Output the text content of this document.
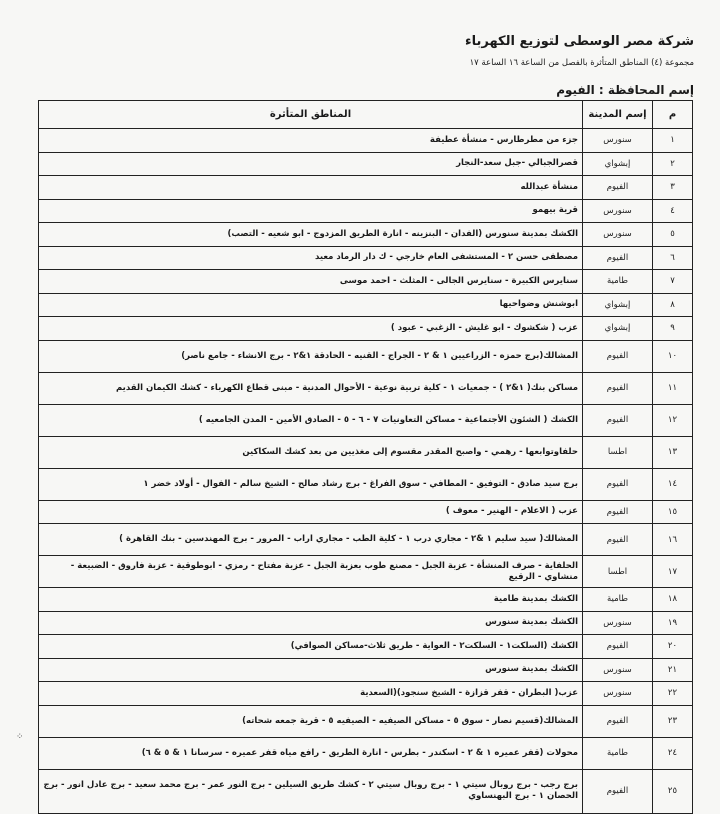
شركة مصر الوسطى لتوزيع الكهرباء
مجموعة (٤) المناطق المتأثرة بالفصل من الساعة ١٦ الساعة ١٧
إسم المحافظة : الفيوم
م	إسم المدينة	المناطق المتأثرة
١	سنورس	جزء من مطرطارس - منشأة عطيفة
٢	إبشواي	قصرالجبالي -جبل سعد-النجار
٣	الفيوم	منشأة عبدالله
٤	سنورس	قرية بيهمو
٥	سنورس	الكشك بمدينة سنورس (الفدان - البنزينه - انارة الطريق المزدوج - ابو شعيه - التصب)
٦	الفيوم	مصطفى حسن ٢ - المستشفى العام خارجي - ك دار الرماد معيد
٧	طامية	سنايرس الكبيرة - سنايرس الجالى - المثلث - احمد موسى
٨	إبشواي	ابوشنش وضواحيها
٩	إبشواي	عزب ( شكشوك - ابو غليش - الزغبي - عبود )
١٠	الفيوم	المشالك(برج حمزه - الزراعيين ١ & ٢ - الجراج - القنيه - الحادقة ١&٢ - برج الانشاء - جامع ناصر)
١١	الفيوم	مساكن بنك( ١&٢ ) - جمعيات ١ - كلية تربية نوعية - الأحوال المدنية - مبنى قطاع الكهرباء - كشك الكيمان القديم
١٢	الفيوم	الكشك ( الشئون الأجتماعية - مساكن التعاونيات ٧ - ٦ - ٥ - الصادق الأمين - المدن الجامعيه )
١٣	اطسا	حلفاوتوابعها - رهمي - واصبح المقدر مقسوم إلى مغذيين من بعد كشك السكاكين
١٤	الفيوم	برج سيد صادق - التوفيق - المطافي - سوق الفراغ - برج رشاد صالح - الشيخ سالم - الفوال - أولاد خضر ١
١٥	الفيوم	عزب ( الاعلام - الهنير - معوف )
١٦	الفيوم	المشالك( سيد سليم ١ &٢ - مجاري درب ١ - كلية الطب - مجاري اراب - المرور - برج المهندسين - بنك القاهرة )
١٧	اطسا	الحلفاية - صرف المنشأة - عزبة الجبل - مصنع طوب بعزبة الجبل - عزبة مفتاح - رمزي - ابوطوقية - عزبة فاروق - الضبيعة - منشاوي - الرقيع
١٨	طامية	الكشك بمدينة طامية
١٩	سنورس	الكشك بمدينة سنورس
٢٠	الفيوم	الكشك (السلكت١ - السلكت٢ - العواية - طريق ثلاث-مساكن الصوافي)
٢١	سنورس	الكشك بمدينة سنورس
٢٢	سنورس	عزب( البطران - قفر قزازة - الشيخ سنجود)(السعدية
٢٣	الفيوم	المشالك(قسيم نصار - سوق ٥ - مساكن الصيفيه - الصيفيه ٥ - قرية جمعه شحاته)
٢٤	طامية	محولات (قفر عميره ١ & ٢ - اسكندر - بطرس - انارة الطريق - رافع مياه قفر عميره - سرسانا ١ & ٥ & ٦)
٢٥	الفيوم	برج رجب - برج روبال سيتي ١ - برج روبال سيتي ٢ - كشك طريق السيلين - برج النور عمر - برج محمد سعيد - برج عادل انور - برج الحصان ١ - برج البهنساوي
⁘
